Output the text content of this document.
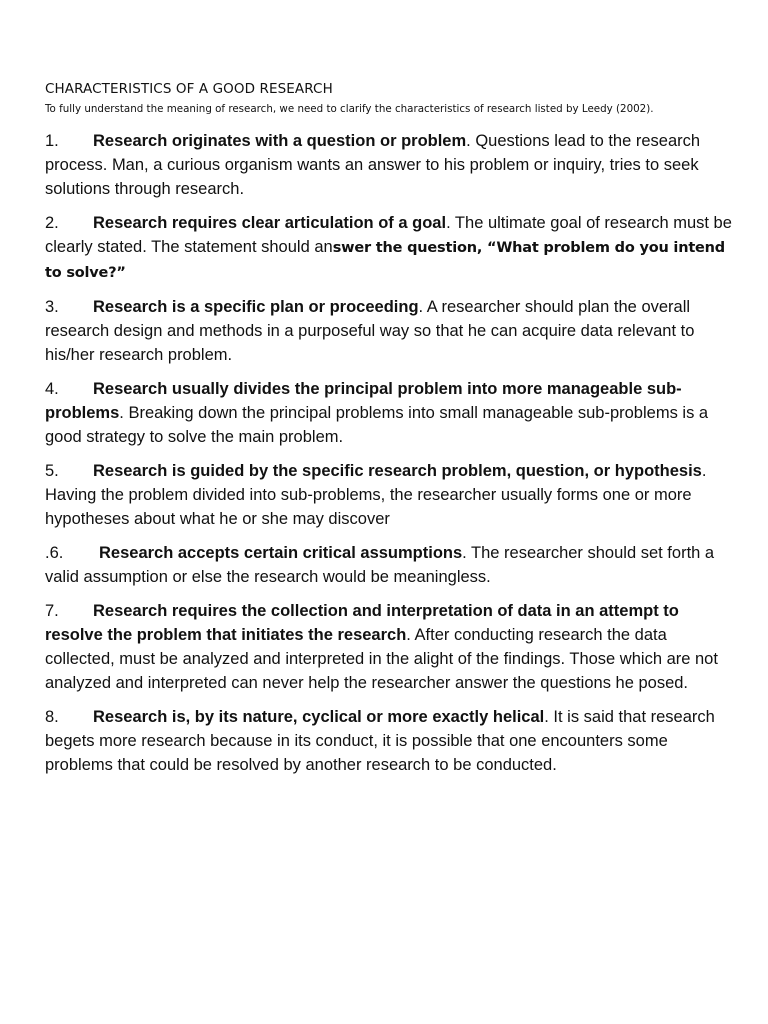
CHARACTERISTICS OF A GOOD RESEARCH
To fully understand the meaning of research, we need to clarify the characteristics of research listed by Leedy (2002).

1. Research originates with a question or problem. Questions lead to the research process. Man, a curious organism wants an answer to his problem or inquiry, tries to seek solutions through research.

2. Research requires clear articulation of a goal. The ultimate goal of research must be clearly stated. The statement should answer the question, “What problem do you intend to solve?”

3. Research is a specific plan or proceeding. A researcher should plan the overall research design and methods in a purposeful way so that he can acquire data relevant to his/her research problem.

4. Research usually divides the principal problem into more manageable sub-problems. Breaking down the principal problems into small manageable sub-problems is a good strategy to solve the main problem.

5. Research is guided by the specific research problem, question, or hypothesis. Having the problem divided into sub-problems, the researcher usually forms one or more hypotheses about what he or she may discover

.6. Research accepts certain critical assumptions. The researcher should set forth a valid assumption or else the research would be meaningless.

7. Research requires the collection and interpretation of data in an attempt to resolve the problem that initiates the research. After conducting research the data collected, must be analyzed and interpreted in the alight of the findings. Those which are not analyzed and interpreted can never help the researcher answer the questions he posed.

8. Research is, by its nature, cyclical or more exactly helical. It is said that research begets more research because in its conduct, it is possible that one encounters some problems that could be resolved by another research to be conducted.
